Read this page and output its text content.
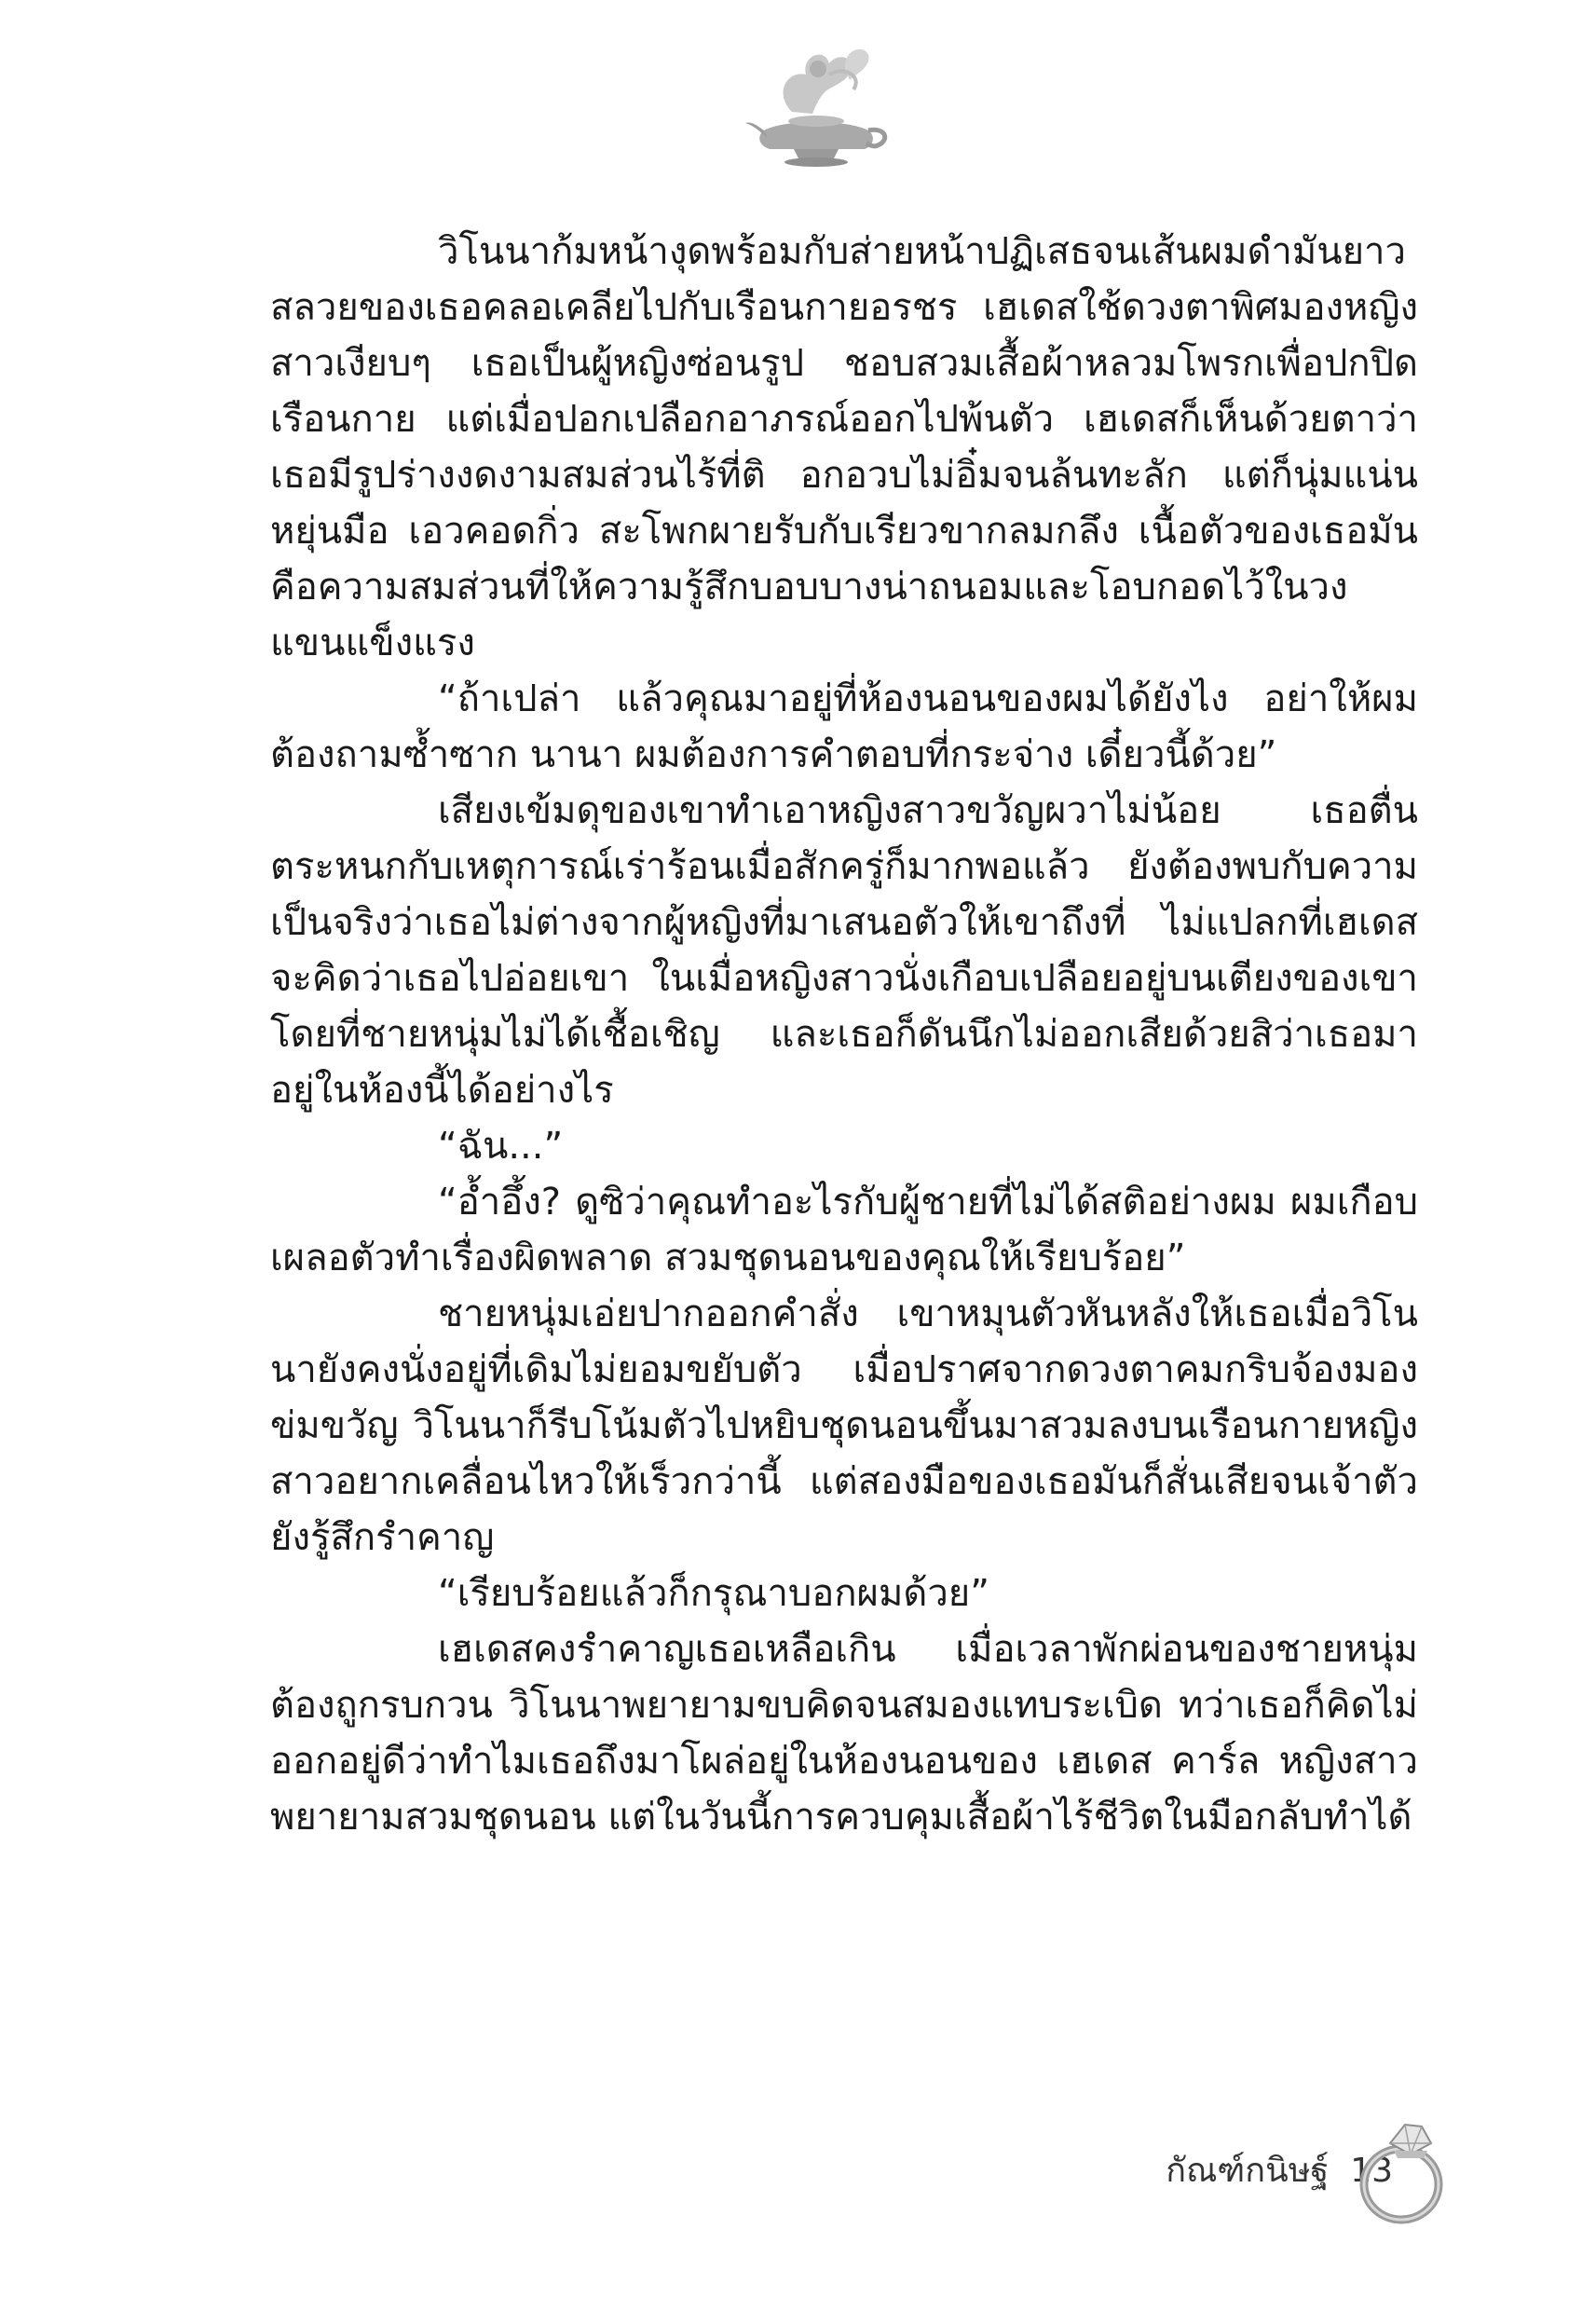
วิโนนาก้มหน้างุดพร้อมกับส่ายหน้าปฏิเสธจนเส้นผมดำมันยาวสลวยของเธอคลอเคลียไปกับเรือนกายอรชร เฮเดสใช้ดวงตาพิศมองหญิงสาวเงียบๆ เธอเป็นผู้หญิงซ่อนรูป ชอบสวมเสื้อผ้าหลวมโพรกเพื่อปกปิดเรือนกาย แต่เมื่อปอกเปลือกอาภรณ์ออกไปพ้นตัว เฮเดสก็เห็นด้วยตาว่าเธอมีรูปร่างงดงามสมส่วนไร้ที่ติ อกอวบไม่อิ๋มจนล้นทะลัก แต่ก็นุ่มแน่นหยุ่นมือ เอวคอดกิ่ว สะโพกผายรับกับเรียวขากลมกลึง เนื้อตัวของเธอมันคือความสมส่วนที่ให้ความรู้สึกบอบบางน่าถนอมและโอบกอดไว้ในวงแขนแข็งแรง

“ถ้าเปล่า แล้วคุณมาอยู่ที่ห้องนอนของผมได้ยังไง อย่าให้ผมต้องถามซ้ำซาก นานา ผมต้องการคำตอบที่กระจ่าง เดี๋ยวนี้ด้วย”

เสียงเข้มดุของเขาทำเอาหญิงสาวขวัญผวาไม่น้อย เธอตื่นตระหนกกับเหตุการณ์เร่าร้อนเมื่อสักครู่ก็มากพอแล้ว ยังต้องพบกับความเป็นจริงว่าเธอไม่ต่างจากผู้หญิงที่มาเสนอตัวให้เขาถึงที่ ไม่แปลกที่เฮเดสจะคิดว่าเธอไปอ่อยเขา ในเมื่อหญิงสาวนั่งเกือบเปลือยอยู่บนเตียงของเขาโดยที่ชายหนุ่มไม่ได้เชื้อเชิญ และเธอก็ดันนึกไม่ออกเสียด้วยสิว่าเธอมาอยู่ในห้องนี้ได้อย่างไร

“ฉัน...”

“อ้ำอึ้ง? ดูซิว่าคุณทำอะไรกับผู้ชายที่ไม่ได้สติอย่างผม ผมเกือบเผลอตัวทำเรื่องผิดพลาด สวมชุดนอนของคุณให้เรียบร้อย”

ชายหนุ่มเอ่ยปากออกคำสั่ง เขาหมุนตัวหันหลังให้เธอเมื่อวิโนนายังคงนั่งอยู่ที่เดิมไม่ยอมขยับตัว เมื่อปราศจากดวงตาคมกริบจ้องมองข่มขวัญ วิโนนาก็รีบโน้มตัวไปหยิบชุดนอนขึ้นมาสวมลงบนเรือนกายหญิงสาวอยากเคลื่อนไหวให้เร็วกว่านี้ แต่สองมือของเธอมันก็สั่นเสียจนเจ้าตัวยังรู้สึกรำคาญ

“เรียบร้อยแล้วก็กรุณาบอกผมด้วย”

เฮเดสคงรำคาญเธอเหลือเกิน เมื่อเวลาพักผ่อนของชายหนุ่มต้องถูกรบกวน วิโนนาพยายามขบคิดจนสมองแทบระเบิด ทว่าเธอก็คิดไม่ออกอยู่ดีว่าทำไมเธอถึงมาโผล่อยู่ในห้องนอนของ เฮเดส คาร์ล หญิงสาวพยายามสวมชุดนอน แต่ในวันนี้การควบคุมเสื้อผ้าไร้ชีวิตในมือกลับทำได้

กัณฑ์กนิษฐ์ 13
